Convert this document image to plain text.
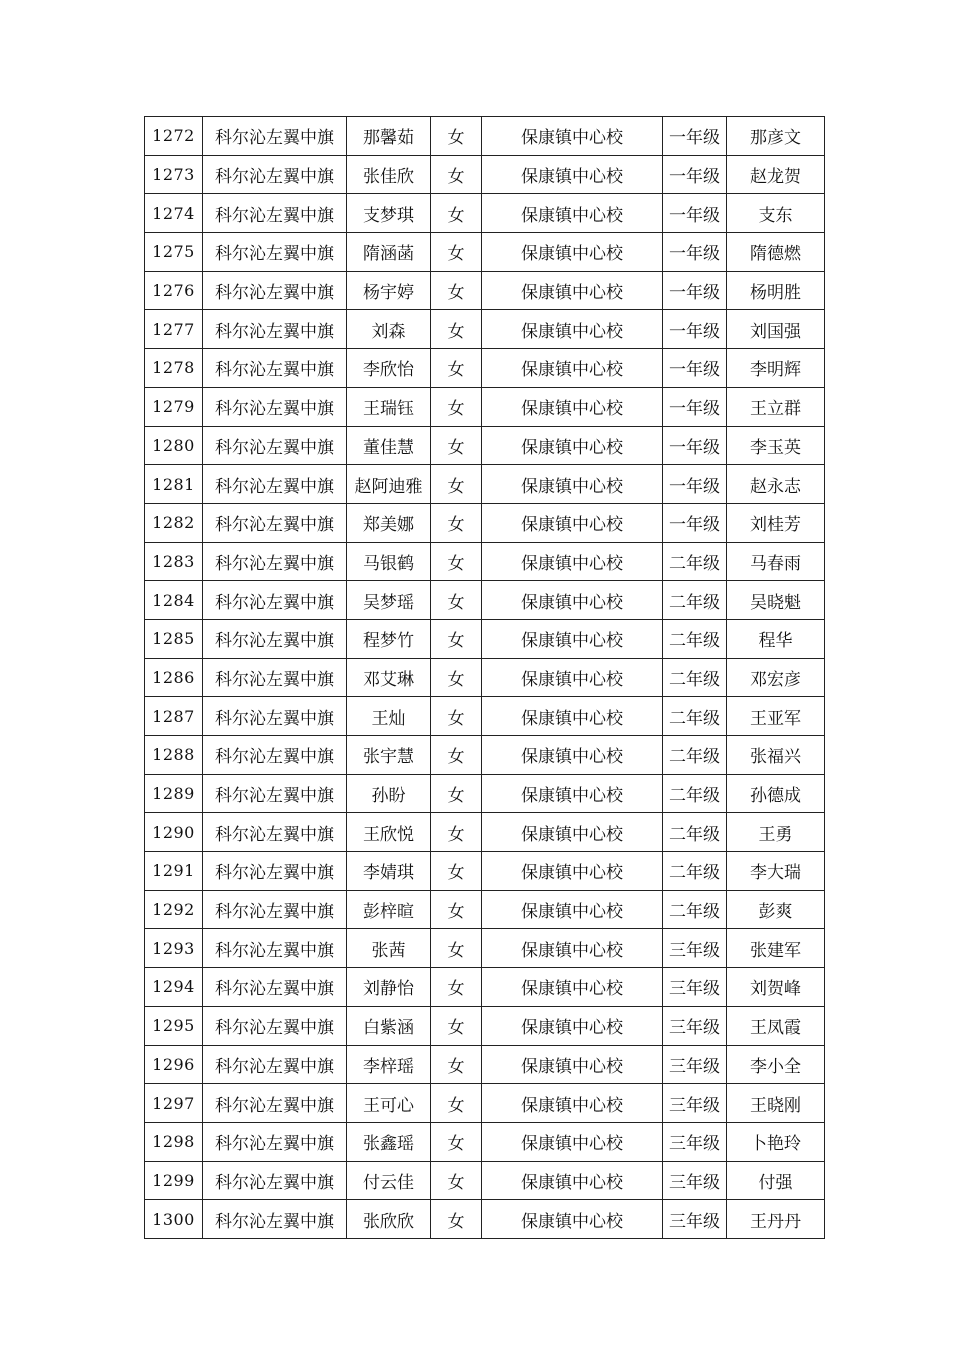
1272	科尔沁左翼中旗	那馨茹	女	保康镇中心校	一年级	那彦文
1273	科尔沁左翼中旗	张佳欣	女	保康镇中心校	一年级	赵龙贺
1274	科尔沁左翼中旗	支梦琪	女	保康镇中心校	一年级	支东
1275	科尔沁左翼中旗	隋涵菡	女	保康镇中心校	一年级	隋德燃
1276	科尔沁左翼中旗	杨宇婷	女	保康镇中心校	一年级	杨明胜
1277	科尔沁左翼中旗	刘森	女	保康镇中心校	一年级	刘国强
1278	科尔沁左翼中旗	李欣怡	女	保康镇中心校	一年级	李明辉
1279	科尔沁左翼中旗	王瑞钰	女	保康镇中心校	一年级	王立群
1280	科尔沁左翼中旗	董佳慧	女	保康镇中心校	一年级	李玉英
1281	科尔沁左翼中旗	赵阿迪雅	女	保康镇中心校	一年级	赵永志
1282	科尔沁左翼中旗	郑美娜	女	保康镇中心校	一年级	刘桂芳
1283	科尔沁左翼中旗	马银鹤	女	保康镇中心校	二年级	马春雨
1284	科尔沁左翼中旗	吴梦瑶	女	保康镇中心校	二年级	吴晓魁
1285	科尔沁左翼中旗	程梦竹	女	保康镇中心校	二年级	程华
1286	科尔沁左翼中旗	邓艾琳	女	保康镇中心校	二年级	邓宏彦
1287	科尔沁左翼中旗	王灿	女	保康镇中心校	二年级	王亚军
1288	科尔沁左翼中旗	张宇慧	女	保康镇中心校	二年级	张福兴
1289	科尔沁左翼中旗	孙盼	女	保康镇中心校	二年级	孙德成
1290	科尔沁左翼中旗	王欣悦	女	保康镇中心校	二年级	王勇
1291	科尔沁左翼中旗	李婧琪	女	保康镇中心校	二年级	李大瑞
1292	科尔沁左翼中旗	彭梓暄	女	保康镇中心校	二年级	彭爽
1293	科尔沁左翼中旗	张茜	女	保康镇中心校	三年级	张建军
1294	科尔沁左翼中旗	刘静怡	女	保康镇中心校	三年级	刘贺峰
1295	科尔沁左翼中旗	白紫涵	女	保康镇中心校	三年级	王凤霞
1296	科尔沁左翼中旗	李梓瑶	女	保康镇中心校	三年级	李小全
1297	科尔沁左翼中旗	王可心	女	保康镇中心校	三年级	王晓刚
1298	科尔沁左翼中旗	张鑫瑶	女	保康镇中心校	三年级	卜艳玲
1299	科尔沁左翼中旗	付云佳	女	保康镇中心校	三年级	付强
1300	科尔沁左翼中旗	张欣欣	女	保康镇中心校	三年级	王丹丹
